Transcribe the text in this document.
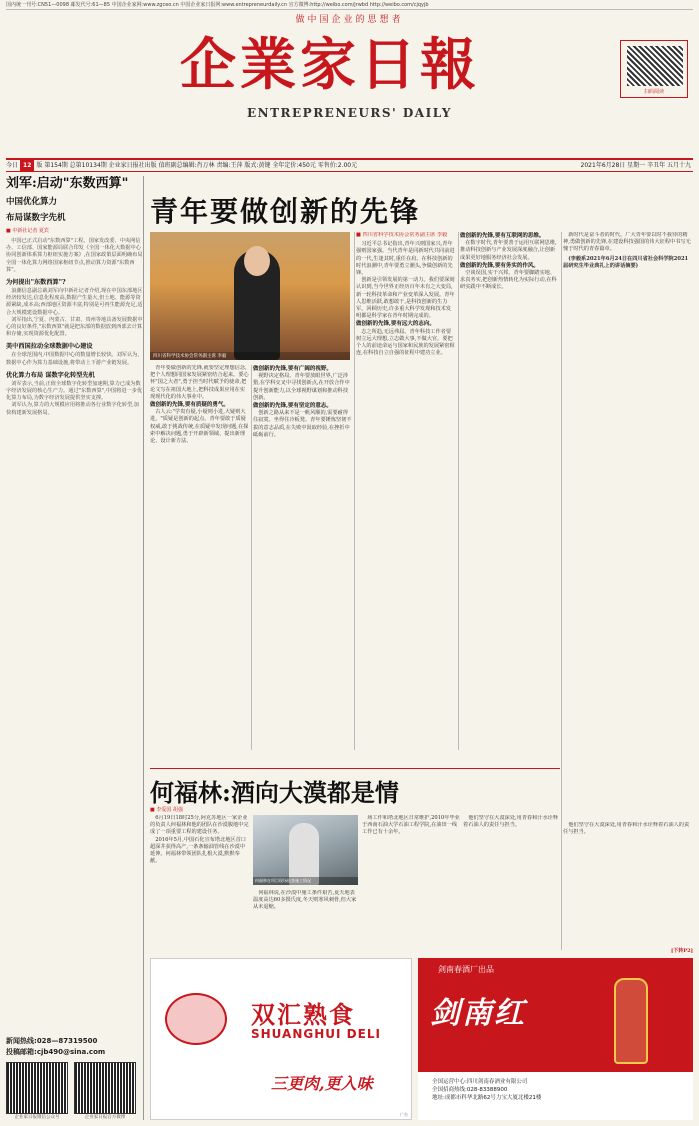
国内统一刊号:CN51—0098 邮发代号:61—85 中国企业家网:www.zgceo.cn 中国企业家日报网:www.entrepreneurdaily.cn 官方微博:http://weibo.com/jrwbd http://weibo.com/cjqyjb
做中国企业的思想者
企業家日報
ENTREPRENEURS' DAILY
扫码阅读
今日 12 版 第154期 总第10134期 企业家日报社出版 值班副总编辑:肖万林 责编:王萍 版式:黄键 全年定价:450元 零售价:2.00元	2021年6月28日 星期一 辛丑年 五月十九
刘军:启动"东数西算"
中国优化算力
布局谋数字先机
■ 中新社记者 夏宾

中国已正式启动"东数西算"工程。国家发改委、中央网信办、工信部、国家能源局联合印发《全国一体化大数据中心协同创新体系算力枢纽实施方案》,在国家政策层面明确布局全国一体化算力网络国家枢纽节点,推动算力资源"东数西算"。

为何提出"东数西算"?

浪潮信息副总裁刘军向中新社记者介绍,现在中国东部地区经济较发达,信息化程度高,数据产生量大,但土地、能源等资源紧缺,成本高;西部地区资源丰富,特别是可再生能源充足,适合大规模建设数据中心。

刘军指出,宁夏、内蒙古、甘肃、贵州等地具备发展数据中心的良好条件,"东数西算"就是把东部的数据放到西部去计算和存储,实现资源优化配置。

美中西国拉动全球数据中心建设

在全球范围内,中国数据中心的数量增长较快。刘军认为,数据中心作为算力基础设施,将带动上下游产业链发展。

优化算力布局 谋数字化转型先机

刘军表示,当前,正值全球数字化转型加速期,算力已成为数字经济发展的核心生产力。通过"东数西算",中国将进一步优化算力布局,为数字经济发展提供坚实支撑。

刘军认为,算力的大规模应用将推动各行业数字化转型,加快构建新发展格局。

新闻热线:028—87319500
投稿邮箱:cjb490@sina.com
企业家日报微信公众号	企业家日报官方微博
青年要做创新的先锋
四川省科学技术协会常务副主席 李毅
■ 四川省科学技术协会常务副主席 李毅
习近平总书记指出,青年兴则国家兴,青年强则国家强。当代青年是同新时代共同前进的一代,生逢其时,重任在肩。在科技创新的时代浪潮中,青年要勇立潮头,争做创新的先锋。
创新是引领发展的第一动力。我们要深刻认识到,当今世界正经历百年未有之大变局,新一轮科技革命和产业变革深入发展。青年人思维活跃,敢想敢干,是科技创新的生力军。回顾历史,许多重大科学发现和技术发明都是科学家在青年时期完成的。
做创新的先锋,要有远大的志向。
志之所趋,无远弗届。青年科技工作者要树立远大理想,立志做大事,不做大官。要把个人的前途命运与国家和民族的发展紧密相连,在科技自立自强的征程中建功立业。
青年要做创新的先锋,就要坚定理想信念,把个人理想同国家发展紧密结合起来。要心怀"国之大者",勇于担当时代赋予的使命,把论文写在祖国大地上,把科技成果应用在实现现代化的伟大事业中。
做创新的先锋,要有质疑的勇气。
古人云:"学贵有疑,小疑则小进,大疑则大进。"质疑是创新的起点。青年要敢于质疑权威,敢于挑战传统,在质疑中发现问题,在探索中解决问题,勇于开辟新领域、提出新理论、设计新方法。
做创新的先锋,要有广阔的视野。
视野决定格局。青年要放眼世界,广泛涉猎,在学科交叉中寻找创新点,在开放合作中提升创新能力,以全球视野谋划和推动科技创新。
做创新的先锋,要有坚定的意志。
创新之路从来不是一帆风顺的,需要耐得住寂寞、坐得住冷板凳。青年要锤炼坚韧不拔的意志品质,在失败中汲取经验,在挫折中砥砺前行。
做创新的先锋,要有互联网的思维。
在数字时代,青年要善于运用互联网思维,推动科技创新与产业发展深度融合,让创新成果更好地服务经济社会发展。
做创新的先锋,要有务实的作风。
空谈误国,实干兴邦。青年要脚踏实地、求真务实,把创新热情转化为实际行动,在科研实践中不断成长。
新时代是奋斗者的时代。广大青年要以时不我待的精神,勇做创新的先锋,在建设科技强国的伟大征程中书写无愧于时代的青春篇章。
(李毅系2021年6月24日在四川省社会科学院2021届研究生毕业典礼上的讲话摘要)
何福林:酒向大漠都是情
■ 李爱国 胡强
6月19日18时25分,阿克苏地区一家企业的负责人何福林和他的团队在沙漠腹地中完成了一项重要工程的建设任务。
2016年5月,中国石化宣布塔北地区首口超深井获得高产,一条条输油管线在沙漠中延伸。何福林带领团队扎根大漠,默默奉献。
何福林在项目现场检查施工情况
何福林说,在沙漠中施工条件艰苦,夏天地表温度高达60多摄氏度,冬天则寒风刺骨,但大家从未退缩。
场工作和塔北地区日常维护,2010年毕业于西南石油大学石油工程学院,在油田一线工作已有十余年。
他们坚守在大漠深处,用青春和汗水诠释着石油人的责任与担当。	他们坚守在大漠深处,用青春和汗水诠释着石油人的责任与担当。
[下转P2]
双汇熟食
SHUANGHUI DELI
三更肉,更入味
广告
剑南春酒厂出品
剑南红
全国运营中心:四川剑南春酒业有限公司
全国招商热线:028-83388900
地址:成都市科华北路62号力宝大厦北楼21楼
